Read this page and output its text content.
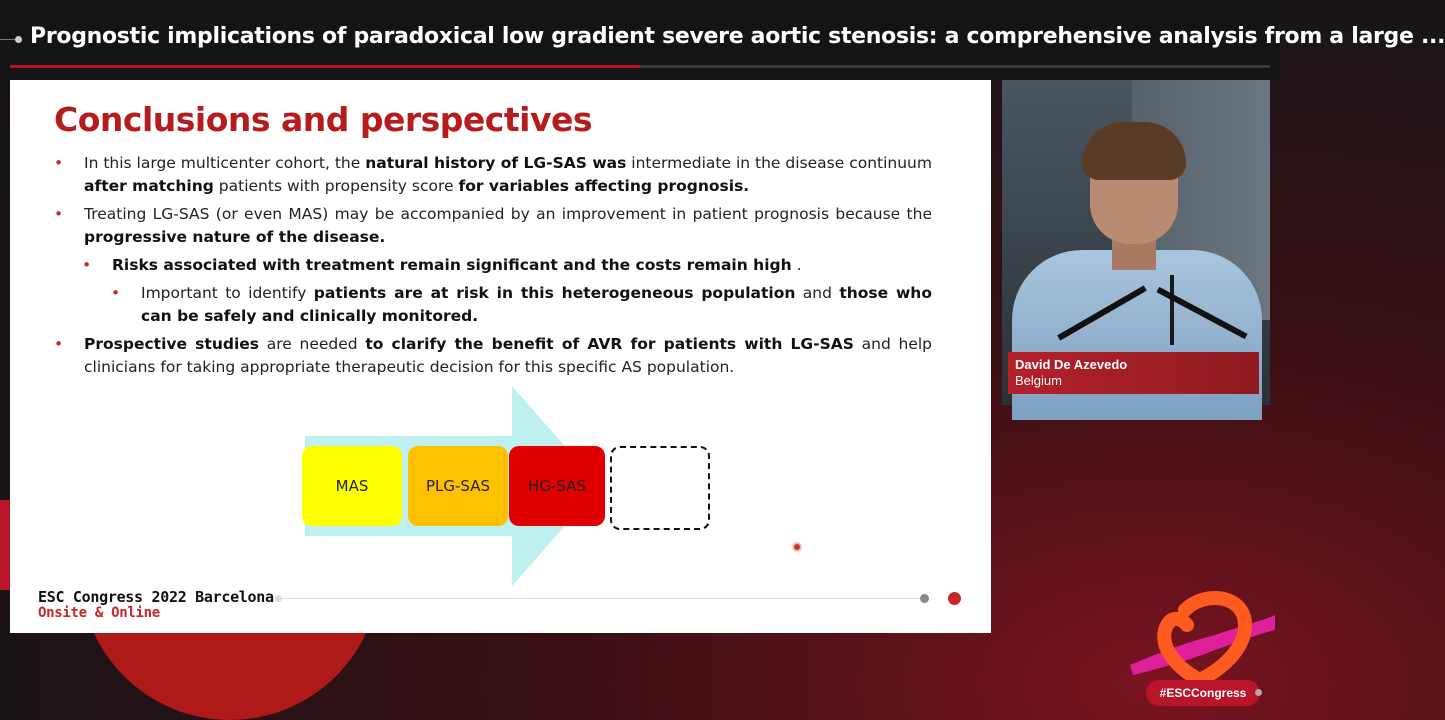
Prognostic implications of paradoxical low gradient severe aortic stenosis: a comprehensive analysis from a large ...
Conclusions and perspectives
• In this large multicenter cohort, the natural history of LG-SAS was intermediate in the disease continuum after matching patients with propensity score for variables affecting prognosis.
• Treating LG-SAS (or even MAS) may be accompanied by an improvement in patient prognosis because the progressive nature of the disease.
• Risks associated with treatment remain significant and the costs remain high .
• Important to identify patients are at risk in this heterogeneous population and those who can be safely and clinically monitored.
• Prospective studies are needed to clarify the benefit of AVR for patients with LG-SAS and help clinicians for taking appropriate therapeutic decision for this specific AS population.
MAS	PLG-SAS	HG-SAS
ESC Congress 2022 Barcelona
Onsite & Online
David De Azevedo
Belgium
#ESCCongress
